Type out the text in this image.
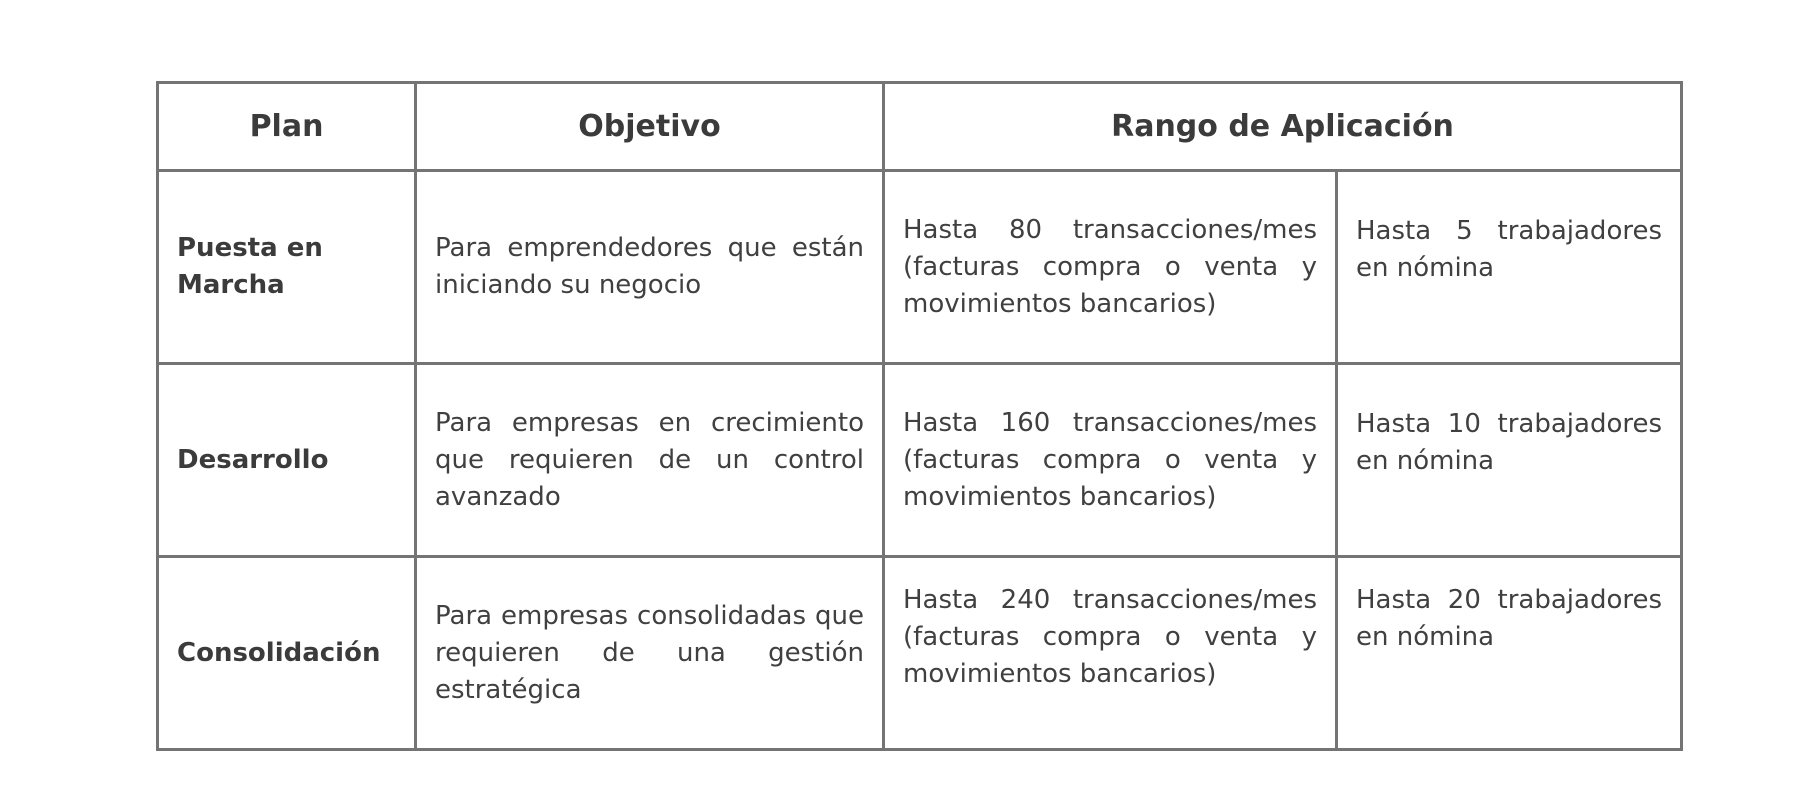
Plan	Objetivo	Rango de Aplicación	
Puesta en Marcha	Para emprendedores que están iniciando su negocio	Hasta 80 transacciones/mes (facturas compra o venta y movimientos bancarios)	Hasta 5 trabajadores en nómina
Desarrollo	Para empresas en crecimiento que requieren de un control avanzado	Hasta 160 transacciones/mes (facturas compra o venta y movimientos bancarios)	Hasta 10 trabajadores en nómina
Consolidación	Para empresas consolidadas que requieren de una gestión estratégica	Hasta 240 transacciones/mes (facturas compra o venta y movimientos bancarios)	Hasta 20 trabajadores en nómina
